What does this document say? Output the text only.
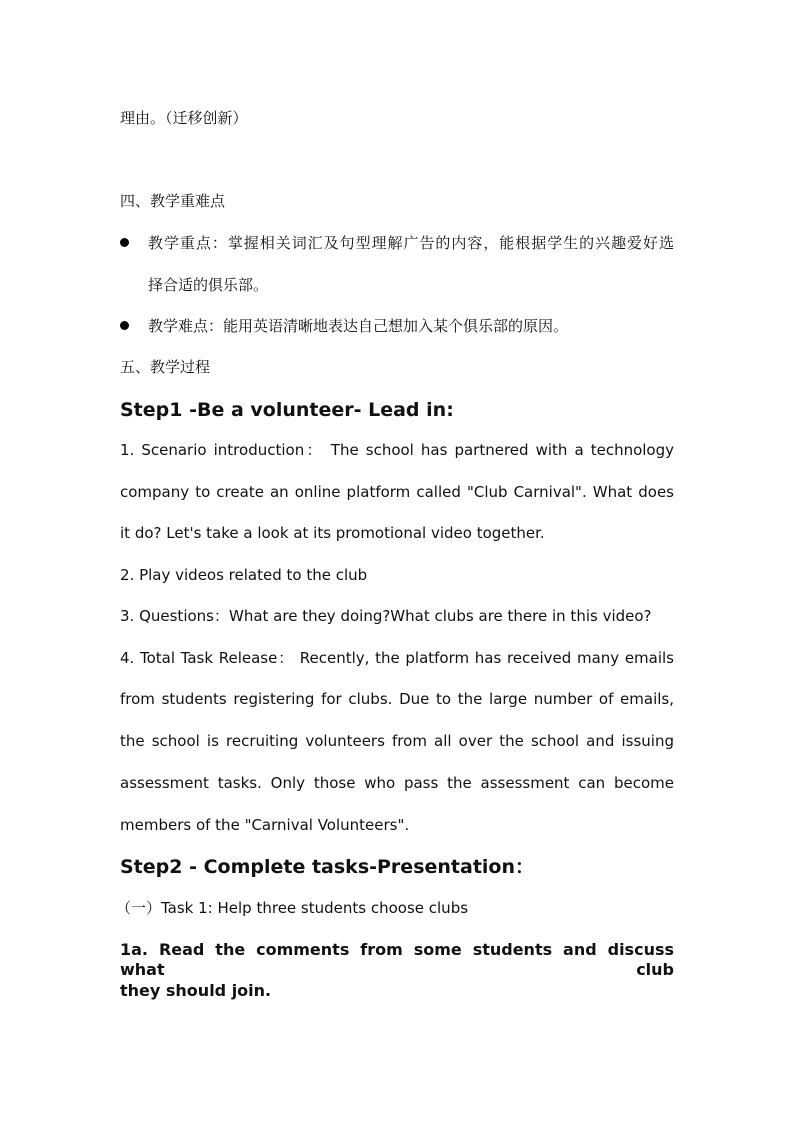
理由。（迁移创新）

四、教学重难点

教学重点：掌握相关词汇及句型理解广告的内容，能根据学生的兴趣爱好选

择合适的俱乐部。

教学难点：能用英语清晰地表达自己想加入某个俱乐部的原因。

五、教学过程

Step1 -Be a volunteer- Lead in:

1. Scenario introduction： The school has partnered with a technology

company to create an online platform called "Club Carnival". What does

it do? Let's take a look at its promotional video together.

2. Play videos related to the club

3. Questions：What are they doing?What clubs are there in this video?

4. Total Task Release： Recently, the platform has received many emails

from students registering for clubs. Due to the large number of emails,

the school is recruiting volunteers from all over the school and issuing

assessment tasks. Only those who pass the assessment can become

members of the "Carnival Volunteers".

Step2 - Complete tasks-Presentation：

（一）Task 1: Help three students choose clubs

1a. Read the comments from some students and discuss what club

they should join.
